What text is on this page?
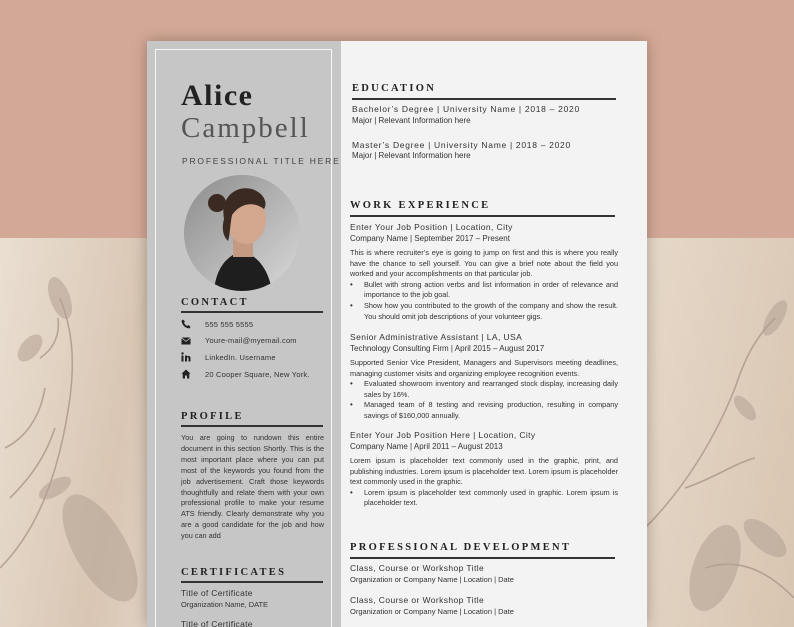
Alice
Campbell
PROFESSIONAL TITLE HERE
CONTACT
555 555 5555
Youre-mail@myemail.com
LinkedIn. Username
20 Cooper Square, New York.
PROFILE
You are going to rundown this entire document in this section Shortly. This is the most important place where you can put most of the keywords you found from the job advertisement. Craft those keywords thoughtfully and relate them with your own professional profile to make your resume ATS friendly. Clearly demonstrate why you are a good candidate for the job and how you can add
CERTIFICATES
Title of Certificate
Organization Name, DATE
Title of Certificate
EDUCATION
Bachelor’s Degree | University Name | 2018 – 2020
Major | Relevant Information here
Master’s Degree | University Name | 2018 – 2020
Major | Relevant Information here
WORK EXPERIENCE
Enter Your Job Position | Location, City
Company Name | September 2017 – Present
This is where recruiter’s eye is going to jump on first and this is where you really have the chance to sell yourself. You can give a brief note about the field you worked and your accomplishments on that particular job.
• Bullet with strong action verbs and list information in order of relevance and importance to the job goal.
• Show how you contributed to the growth of the company and show the result. You should omit job descriptions of your volunteer gigs.
Senior Administrative Assistant | LA, USA
Technology Consulting Firm | April 2015 – August 2017
Supported Senior Vice President, Managers and Supervisors meeting deadlines, managing customer visits and organizing employee recognition events.
• Evaluated showroom inventory and rearranged stock display, increasing daily sales by 16%.
• Managed team of 8 testing and revising production, resulting in company savings of $160,000 annually.
Enter Your Job Position Here | Location, City
Company Name | April 2011 – August 2013
Lorem ipsum is placeholder text commonly used in the graphic, print, and publishing industries. Lorem ipsum is placeholder text. Lorem ipsum is placeholder text commonly used in the graphic.
• Lorem ipsum is placeholder text commonly used in graphic. Lorem ipsum is placeholder text.
PROFESSIONAL DEVELOPMENT
Class, Course or Workshop Title
Organization or Company Name | Location | Date
Class, Course or Workshop Title
Organization or Company Name | Location | Date
